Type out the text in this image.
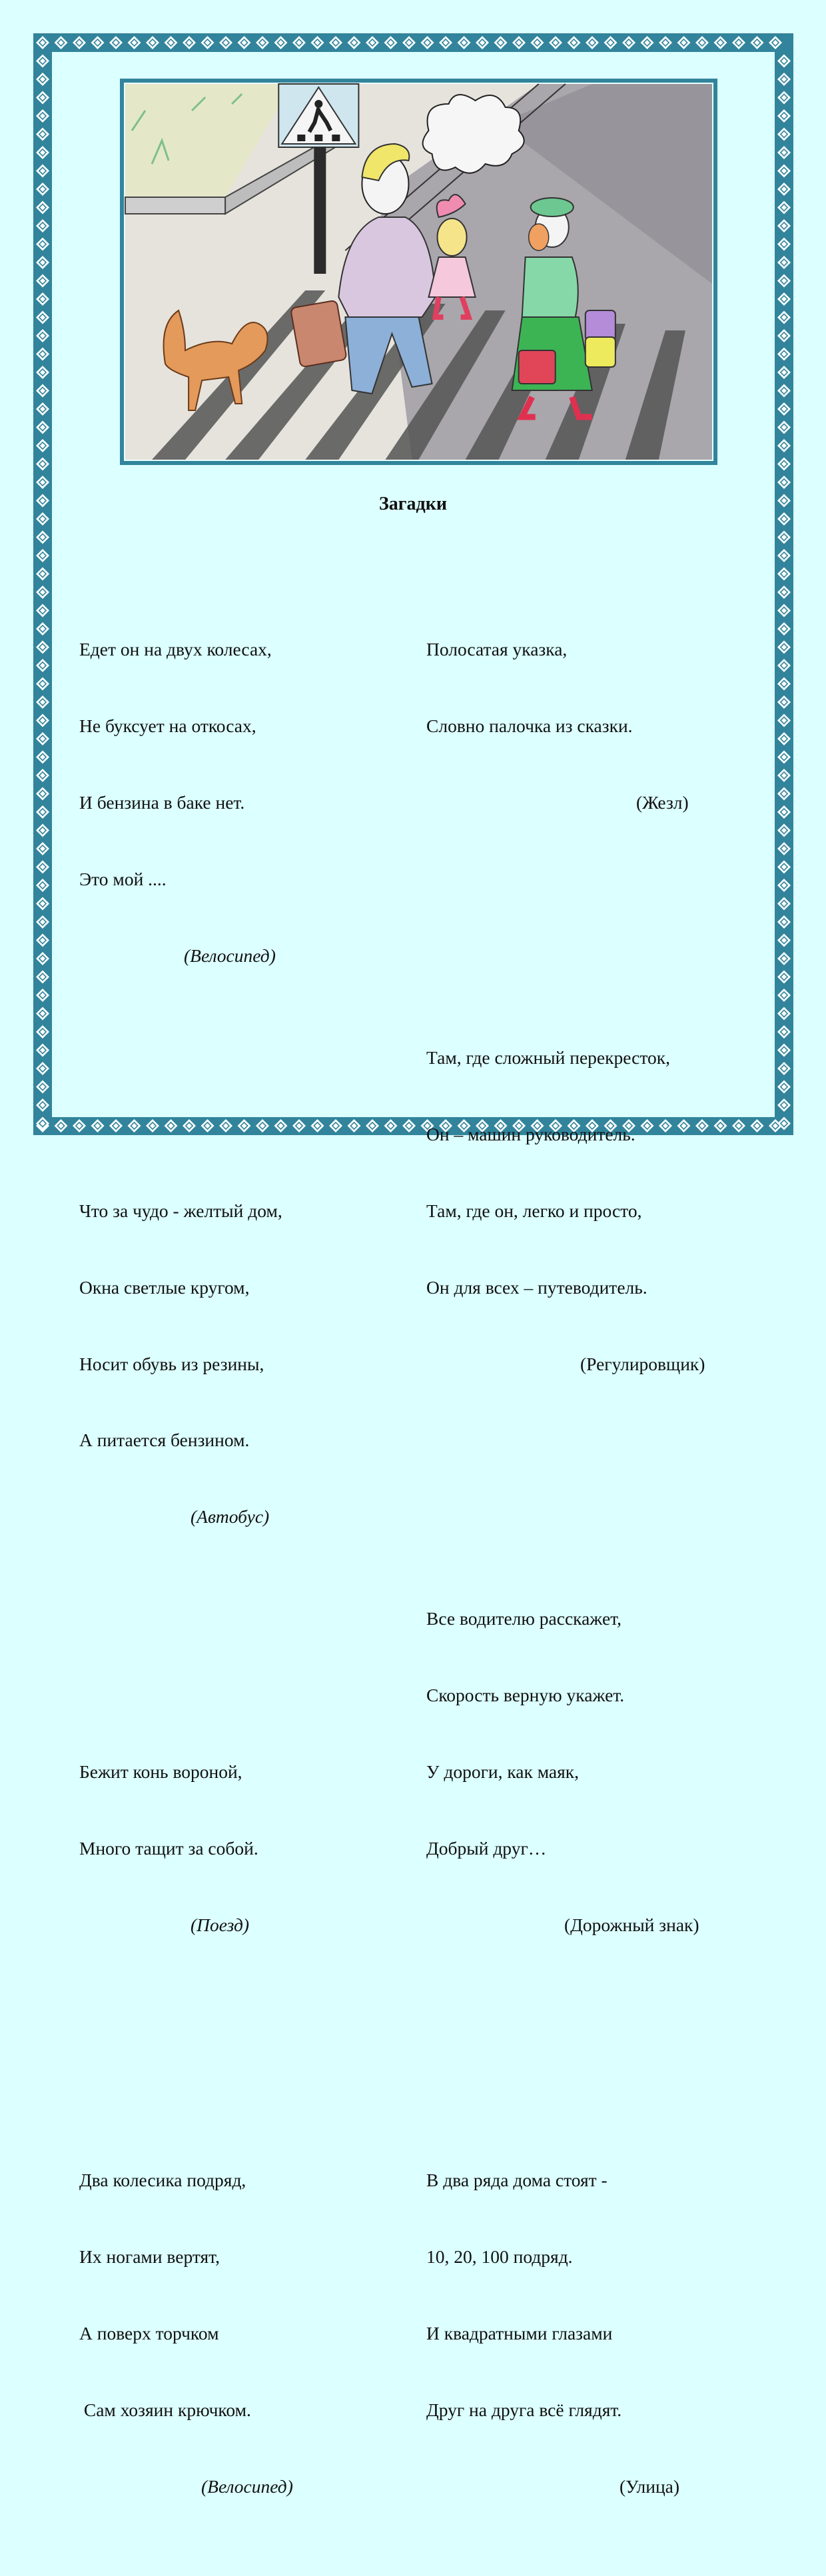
Загадки

Едет он на двух колесах,

Не буксует на откосах,

И бензина в баке нет.

Это мой ....

(Велосипед)

Что за чудо - желтый дом,

Окна светлые кругом,

Носит обувь из резины,

А питается бензином.

(Автобус)

Бежит конь вороной,

Много тащит за собой.

(Поезд)

Два колесика подряд,

Их ногами вертят,

А поверх торчком

Сам хозяин крючком.

(Велосипед)

Полосатая указка,

Словно палочка из сказки.

(Жезл)

Там, где сложный перекресток,

Он – машин руководитель.

Там, где он, легко и просто,

Он для всех – путеводитель.

(Регулировщик)

Все водителю расскажет,

Скорость верную укажет.

У дороги, как маяк,

Добрый друг…

(Дорожный знак)

В два ряда дома стоят -

10, 20, 100 подряд.

И квадратными глазами

Друг на друга всё глядят.

(Улица)
